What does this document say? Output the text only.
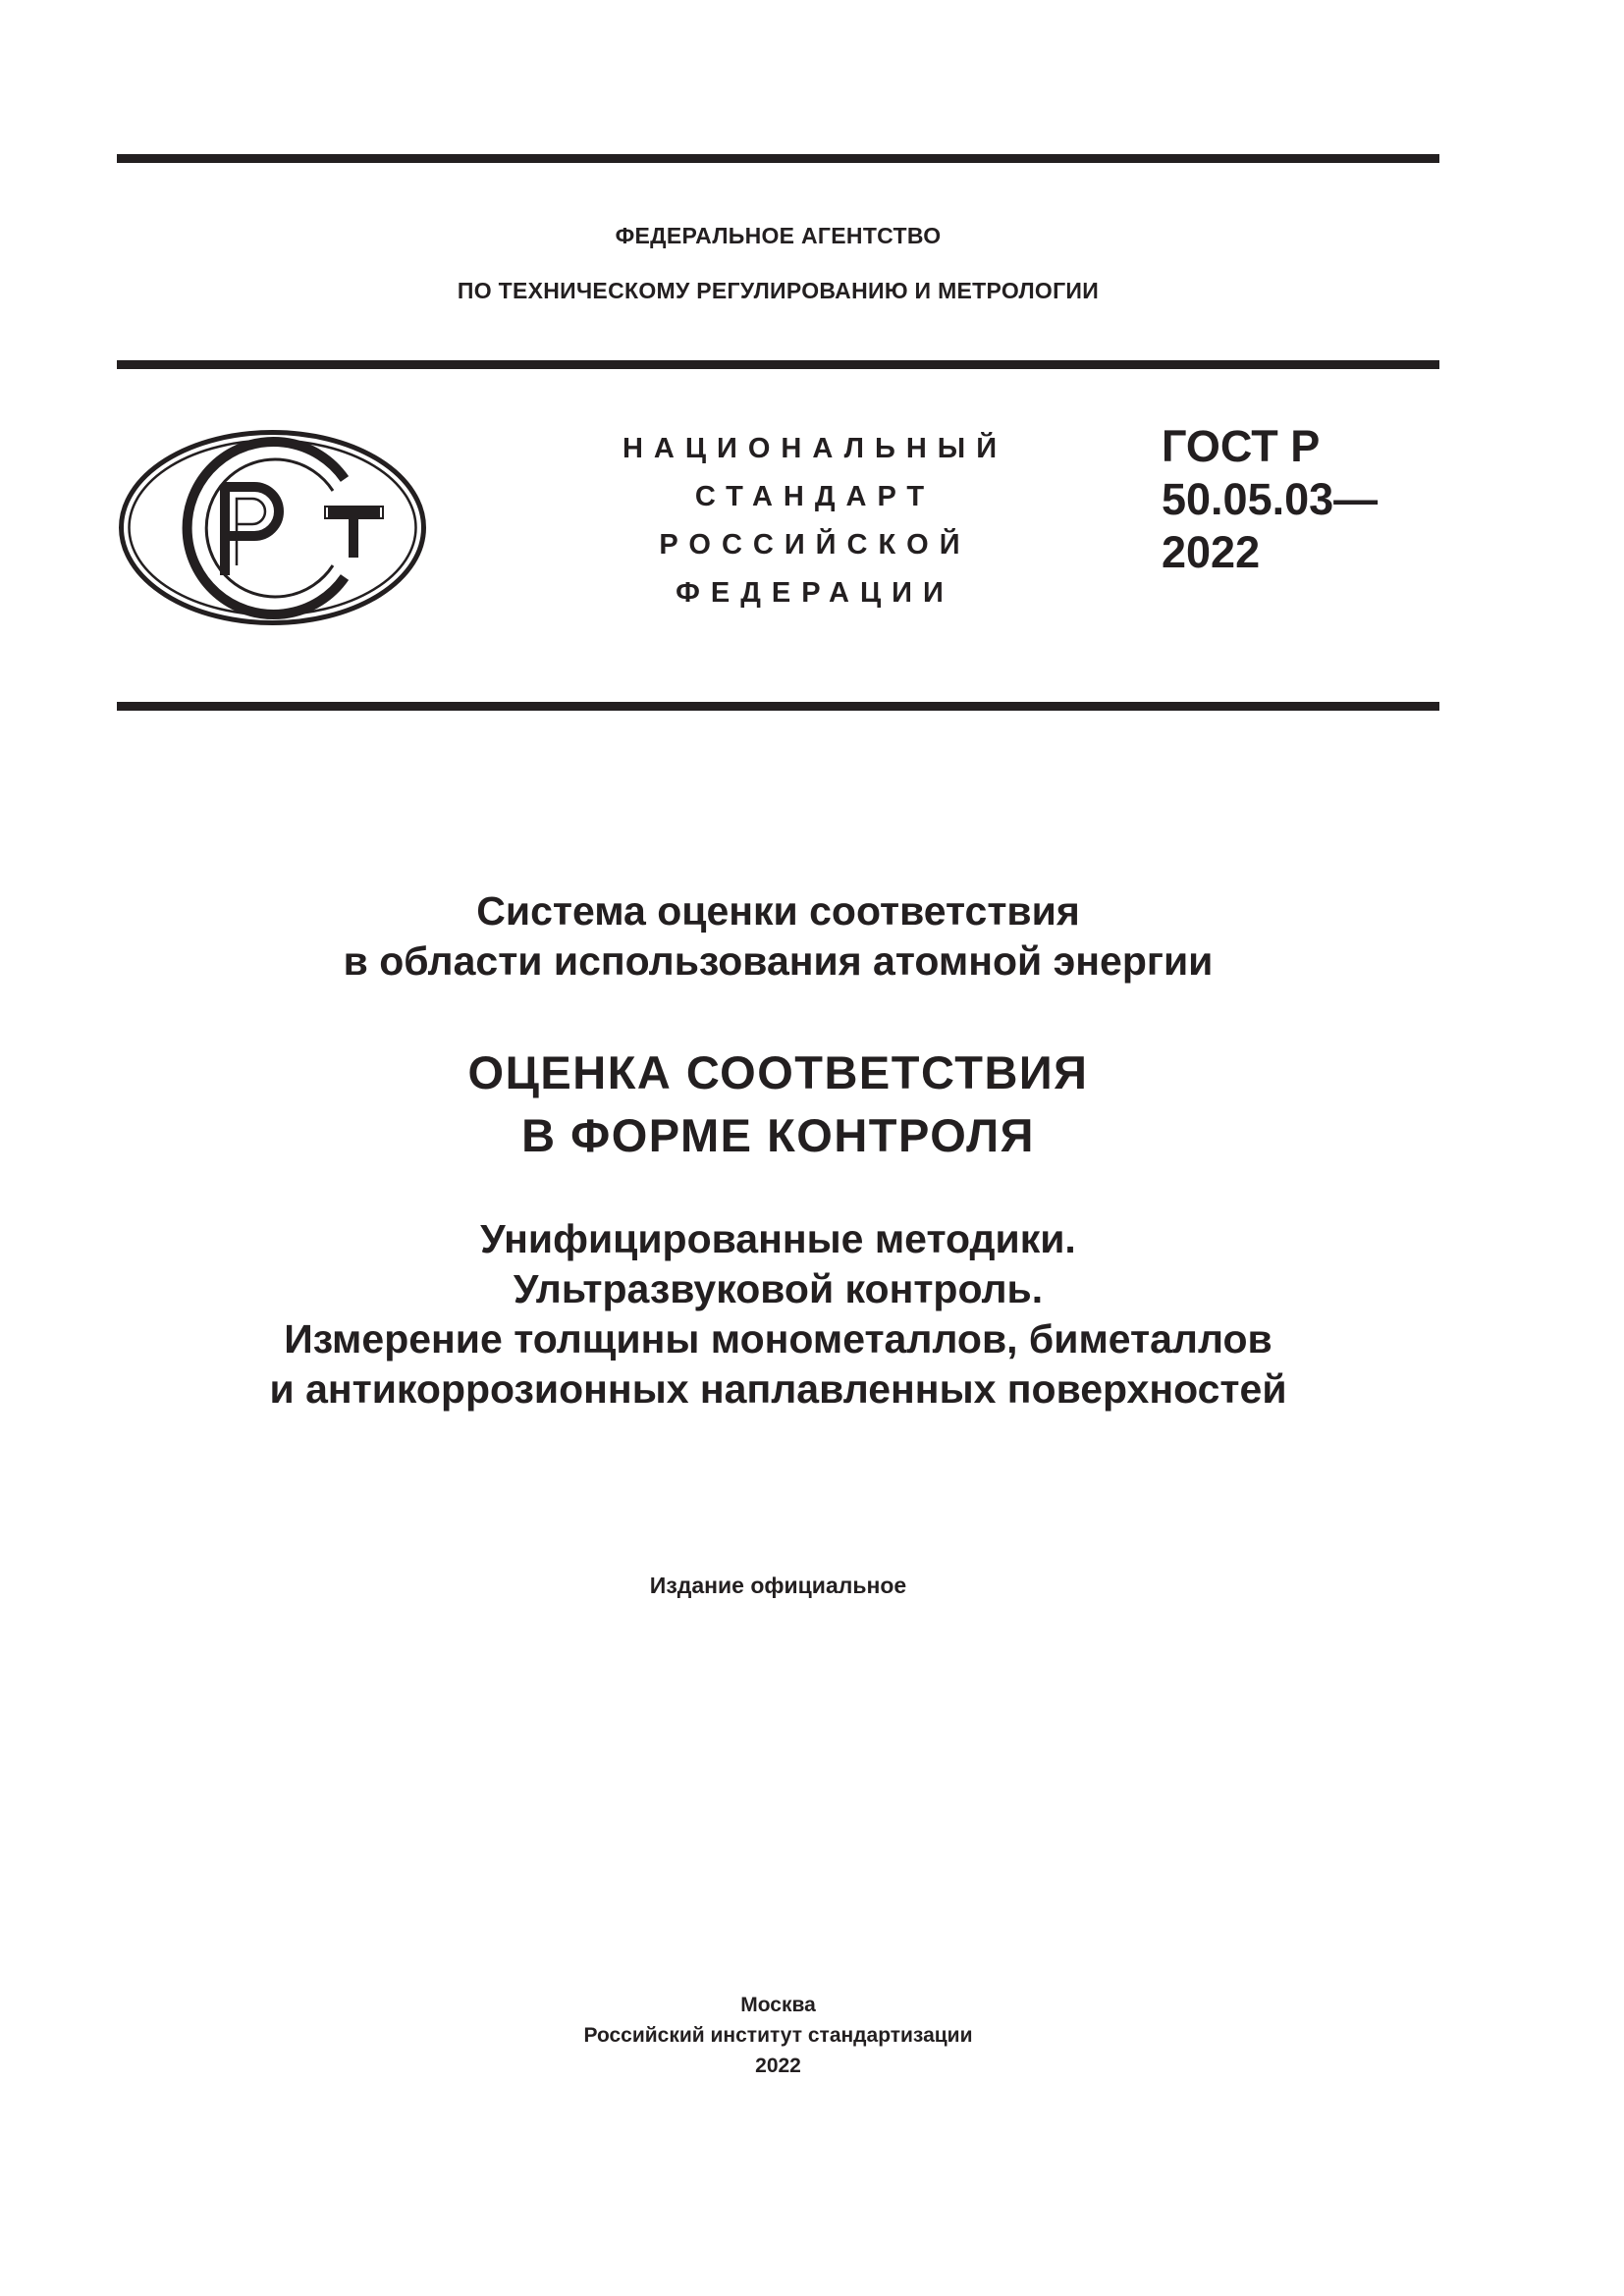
ФЕДЕРАЛЬНОЕ АГЕНТСТВО
ПО ТЕХНИЧЕСКОМУ РЕГУЛИРОВАНИЮ И МЕТРОЛОГИИ
НАЦИОНАЛЬНЫЙ
СТАНДАРТ
РОССИЙСКОЙ
ФЕДЕРАЦИИ
ГОСТ Р
50.05.03—
2022
Система оценки соответствия
в области использования атомной энергии
ОЦЕНКА СООТВЕТСТВИЯ
В ФОРМЕ КОНТРОЛЯ
Унифицированные методики.
Ультразвуковой контроль.
Измерение толщины монометаллов, биметаллов
и антикоррозионных наплавленных поверхностей
Издание официальное
Москва
Российский институт стандартизации
2022
